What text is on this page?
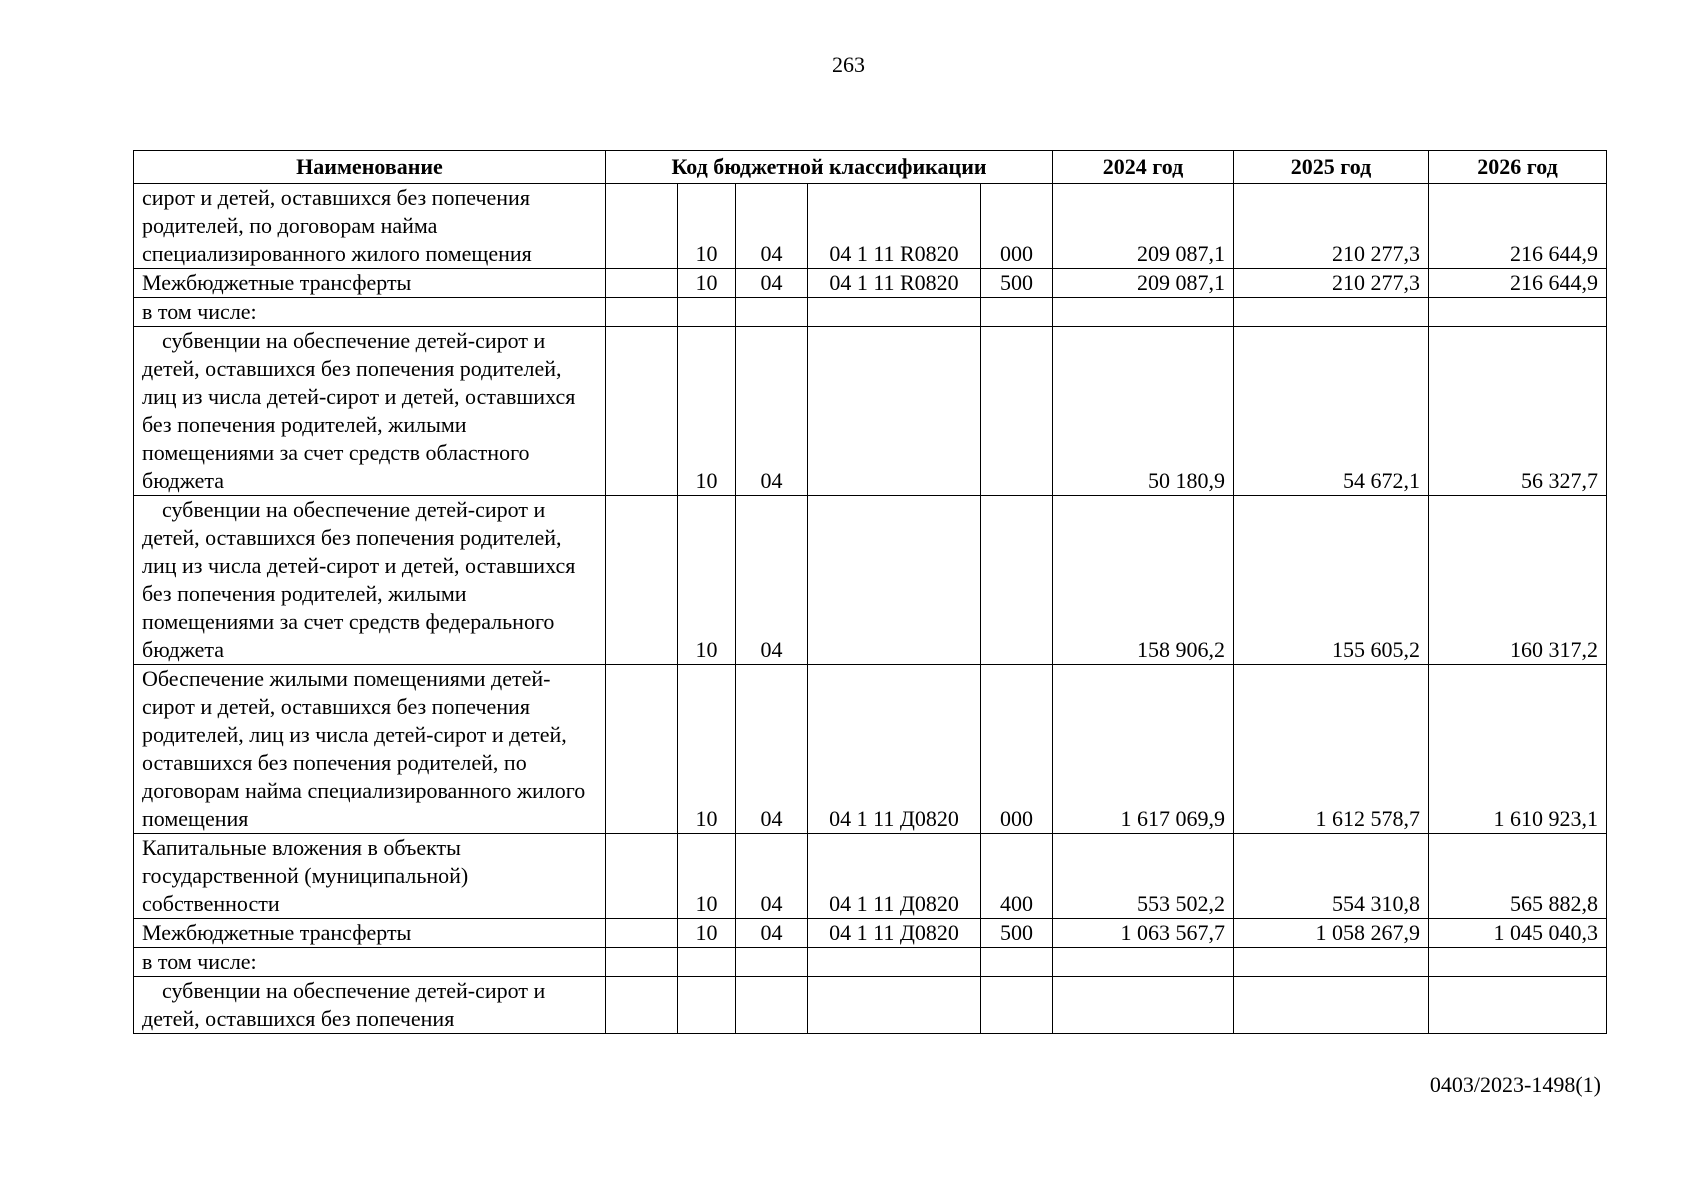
263
Наименование	Код бюджетной классификации					2024 год	2025 год	2026 год
сирот и детей, оставшихся без попечения родителей, по договорам найма специализированного жилого помещения		10	04	04 1 11 R0820	000	209 087,1	210 277,3	216 644,9
Межбюджетные трансферты		10	04	04 1 11 R0820	500	209 087,1	210 277,3	216 644,9
в том числе:								
субвенции на обеспечение детей-сирот и детей, оставшихся без попечения родителей, лиц из числа детей-сирот и детей, оставшихся без попечения родителей, жилыми помещениями за счет средств областного бюджета		10	04			50 180,9	54 672,1	56 327,7
субвенции на обеспечение детей-сирот и детей, оставшихся без попечения родителей, лиц из числа детей-сирот и детей, оставшихся без попечения родителей, жилыми помещениями за счет средств федерального бюджета		10	04			158 906,2	155 605,2	160 317,2
Обеспечение жилыми помещениями детей-сирот и детей, оставшихся без попечения родителей, лиц из числа детей-сирот и детей, оставшихся без попечения родителей, по договорам найма специализированного жилого помещения		10	04	04 1 11 Д0820	000	1 617 069,9	1 612 578,7	1 610 923,1
Капитальные вложения в объекты государственной (муниципальной) собственности		10	04	04 1 11 Д0820	400	553 502,2	554 310,8	565 882,8
Межбюджетные трансферты		10	04	04 1 11 Д0820	500	1 063 567,7	1 058 267,9	1 045 040,3
в том числе:								
субвенции на обеспечение детей-сирот и детей, оставшихся без попечения								
0403/2023-1498(1)
